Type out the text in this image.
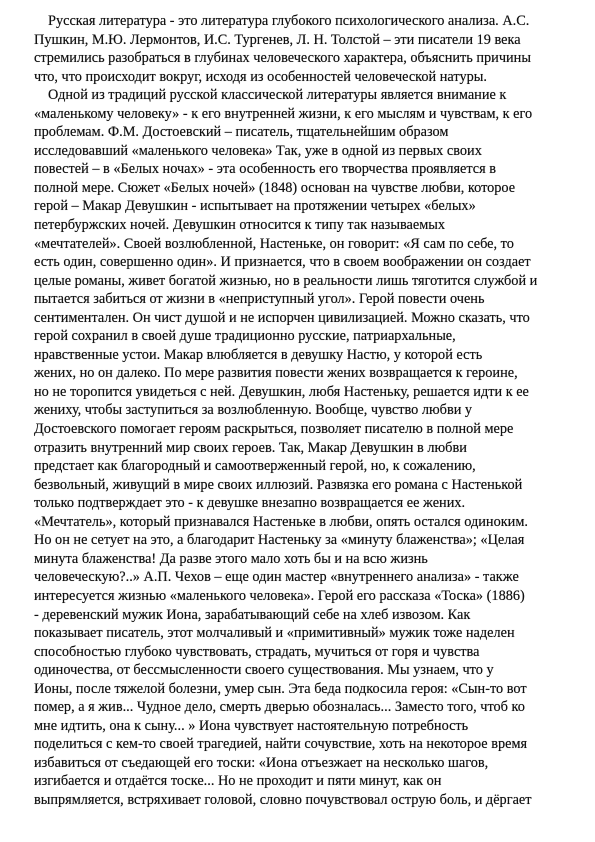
Русская литература - это литература глубокого психологического анализа. А.С.
Пушкин, М.Ю. Лермонтов, И.С. Тургенев, Л. Н. Толстой – эти писатели 19 века
стремились разобраться в глубинах человеческого характера, объяснить причины
что, что происходит вокруг, исходя из особенностей человеческой натуры.
Одной из традиций русской классической литературы является внимание к
«маленькому человеку» - к его внутренней жизни, к его мыслям и чувствам, к его
проблемам. Ф.М. Достоевский – писатель, тщательнейшим образом
исследовавший «маленького человека» Так, уже в одной из первых своих
повестей – в «Белых ночах» - эта особенность его творчества проявляется в
полной мере. Сюжет «Белых ночей» (1848) основан на чувстве любви, которое
герой – Макар Девушкин - испытывает на протяжении четырех «белых»
петербуржских ночей. Девушкин относится к типу так называемых
«мечтателей». Своей возлюбленной, Настеньке, он говорит: «Я сам по себе, то
есть один, совершенно один». И признается, что в своем воображении он создает
целые романы, живет богатой жизнью, но в реальности лишь тяготится службой и
пытается забиться от жизни в «неприступный угол». Герой повести очень
сентиментален. Он чист душой и не испорчен цивилизацией. Можно сказать, что
герой сохранил в своей душе традиционно русские, патриархальные,
нравственные устои. Макар влюбляется в девушку Настю, у которой есть
жених, но он далеко. По мере развития повести жених возвращается к героине,
но не торопится увидеться с ней. Девушкин, любя Настеньку, решается идти к ее
жениху, чтобы заступиться за возлюбленную. Вообще, чувство любви у
Достоевского помогает героям раскрыться, позволяет писателю в полной мере
отразить внутренний мир своих героев. Так, Макар Девушкин в любви
предстает как благородный и самоотверженный герой, но, к сожалению,
безвольный, живущий в мире своих иллюзий. Развязка его романа с Настенькой
только подтверждает это - к девушке внезапно возвращается ее жених.
«Мечтатель», который признавался Настеньке в любви, опять остался одиноким.
Но он не сетует на это, а благодарит Настеньку за «минуту блаженства»; «Целая
минута блаженства! Да разве этого мало хоть бы и на всю жизнь
человеческую?..» А.П. Чехов – еще один мастер «внутреннего анализа» - также
интересуется жизнью «маленького человека». Герой его рассказа «Тоска» (1886)
- деревенский мужик Иона, зарабатывающий себе на хлеб извозом. Как
показывает писатель, этот молчаливый и «примитивный» мужик тоже наделен
способностью глубоко чувствовать, страдать, мучиться от горя и чувства
одиночества, от бессмысленности своего существования. Мы узнаем, что у
Ионы, после тяжелой болезни, умер сын. Эта беда подкосила героя: «Сын-то вот
помер, а я жив... Чудное дело, смерть дверью обозналась... Заместо того, чтоб ко
мне идтить, она к сыну... » Иона чувствует настоятельную потребность
поделиться с кем-то своей трагедией, найти сочувствие, хоть на некоторое время
избавиться от съедающей его тоски: «Иона отъезжает на несколько шагов,
изгибается и отдаётся тоске... Но не проходит и пяти минут, как он
выпрямляется, встряхивает головой, словно почувствовал острую боль, и дёргает
